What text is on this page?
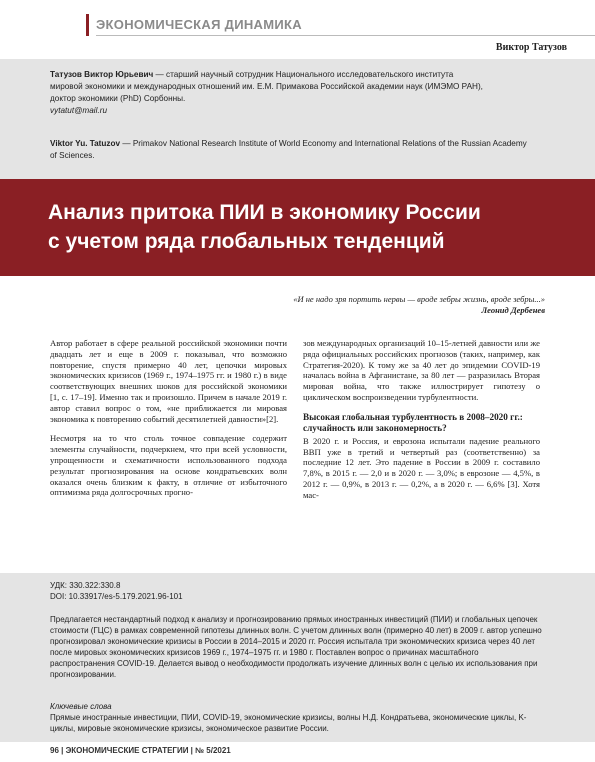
ЭКОНОМИЧЕСКАЯ ДИНАМИКА
Виктор Татузов
Татузов Виктор Юрьевич — старший научный сотрудник Национального исследовательского института
мировой экономики и международных отношений им. Е.М. Примакова Российской академии наук (ИМЭМО РАН),
доктор экономики (PhD) Сорбонны.
vytatut@mail.ru
Viktor Yu. Tatuzov — Primakov National Research Institute of World Economy and International Relations of the Russian Academy
of Sciences.
Анализ притока ПИИ в экономику России
с учетом ряда глобальных тенденций
«И не надо зря портить нервы — вроде зебры жизнь, вроде зебры...»
Леонид Дербенев

Автор работает в сфере реальной российской экономики почти двадцать лет и еще в 2009 г. показывал, что возможно повторение, спустя примерно 40 лет, цепочки мировых экономических кризисов (1969 г., 1974–1975 гг. и 1980 г.) в виде соответствующих внешних шоков для российской экономики [1, с. 17–19]. Именно так и произошло. Причем в начале 2019 г. автор ставил вопрос о том, «не приближается ли мировая экономика к повторению событий десятилетней давности»[2].

Несмотря на то что столь точное совпадение содержит элементы случайности, подчеркнем, что при всей условности, упрощенности и схематичности использованного подхода результат прогнозирования на основе кондратьевских волн оказался очень близким к факту, в отличие от избыточного оптимизма ряда долгосрочных прогно-

зов международных организаций 10–15-летней давности или же ряда официальных российских прогнозов (таких, например, как Стратегия-2020). К тому же за 40 лет до эпидемии COVID-19 началась война в Афганистане, за 80 лет — разразилась Вторая мировая война, что также иллюстрирует гипотезу о циклическом воспроизведении турбулентности.

Высокая глобальная турбулентность в 2008–2020 гг.: случайность или закономерность?

В 2020 г. и Россия, и еврозона испытали падение реального ВВП уже в третий и четвертый раз (соответственно) за последние 12 лет. Это падение в России в 2009 г. составило 7,8%, в 2015 г. — 2,0 и в 2020 г. — 3,0%; в еврозоне — 4,5%, в 2012 г. — 0,9%, в 2013 г. — 0,2%, а в 2020 г. — 6,6% [3]. Хотя мас-

УДК: 330.322:330.8
DOI: 10.33917/es-5.179.2021.96-101
Предлагается нестандартный подход к анализу и прогнозированию прямых иностранных инвестиций (ПИИ) и глобальных цепочек стоимости (ГЦС) в рамках современной гипотезы длинных волн. С учетом длинных волн (примерно 40 лет) в 2009 г. автор успешно прогнозировал экономические кризисы в России в 2014–2015 и 2020 гг. Россия испытала три экономических кризиса через 40 лет после мировых экономических кризисов 1969 г., 1974–1975 гг. и 1980 г. Поставлен вопрос о причинах масштабного распространения COVID-19. Делается вывод о необходимости продолжать изучение длинных волн с целью их использования при прогнозировании.
Ключевые слова
Прямые иностранные инвестиции, ПИИ, COVID-19, экономические кризисы, волны Н.Д. Кондратьева, экономические циклы, K-циклы, мировые экономические кризисы, экономическое развитие России.
96 | ЭКОНОМИЧЕСКИЕ СТРАТЕГИИ | № 5/2021
